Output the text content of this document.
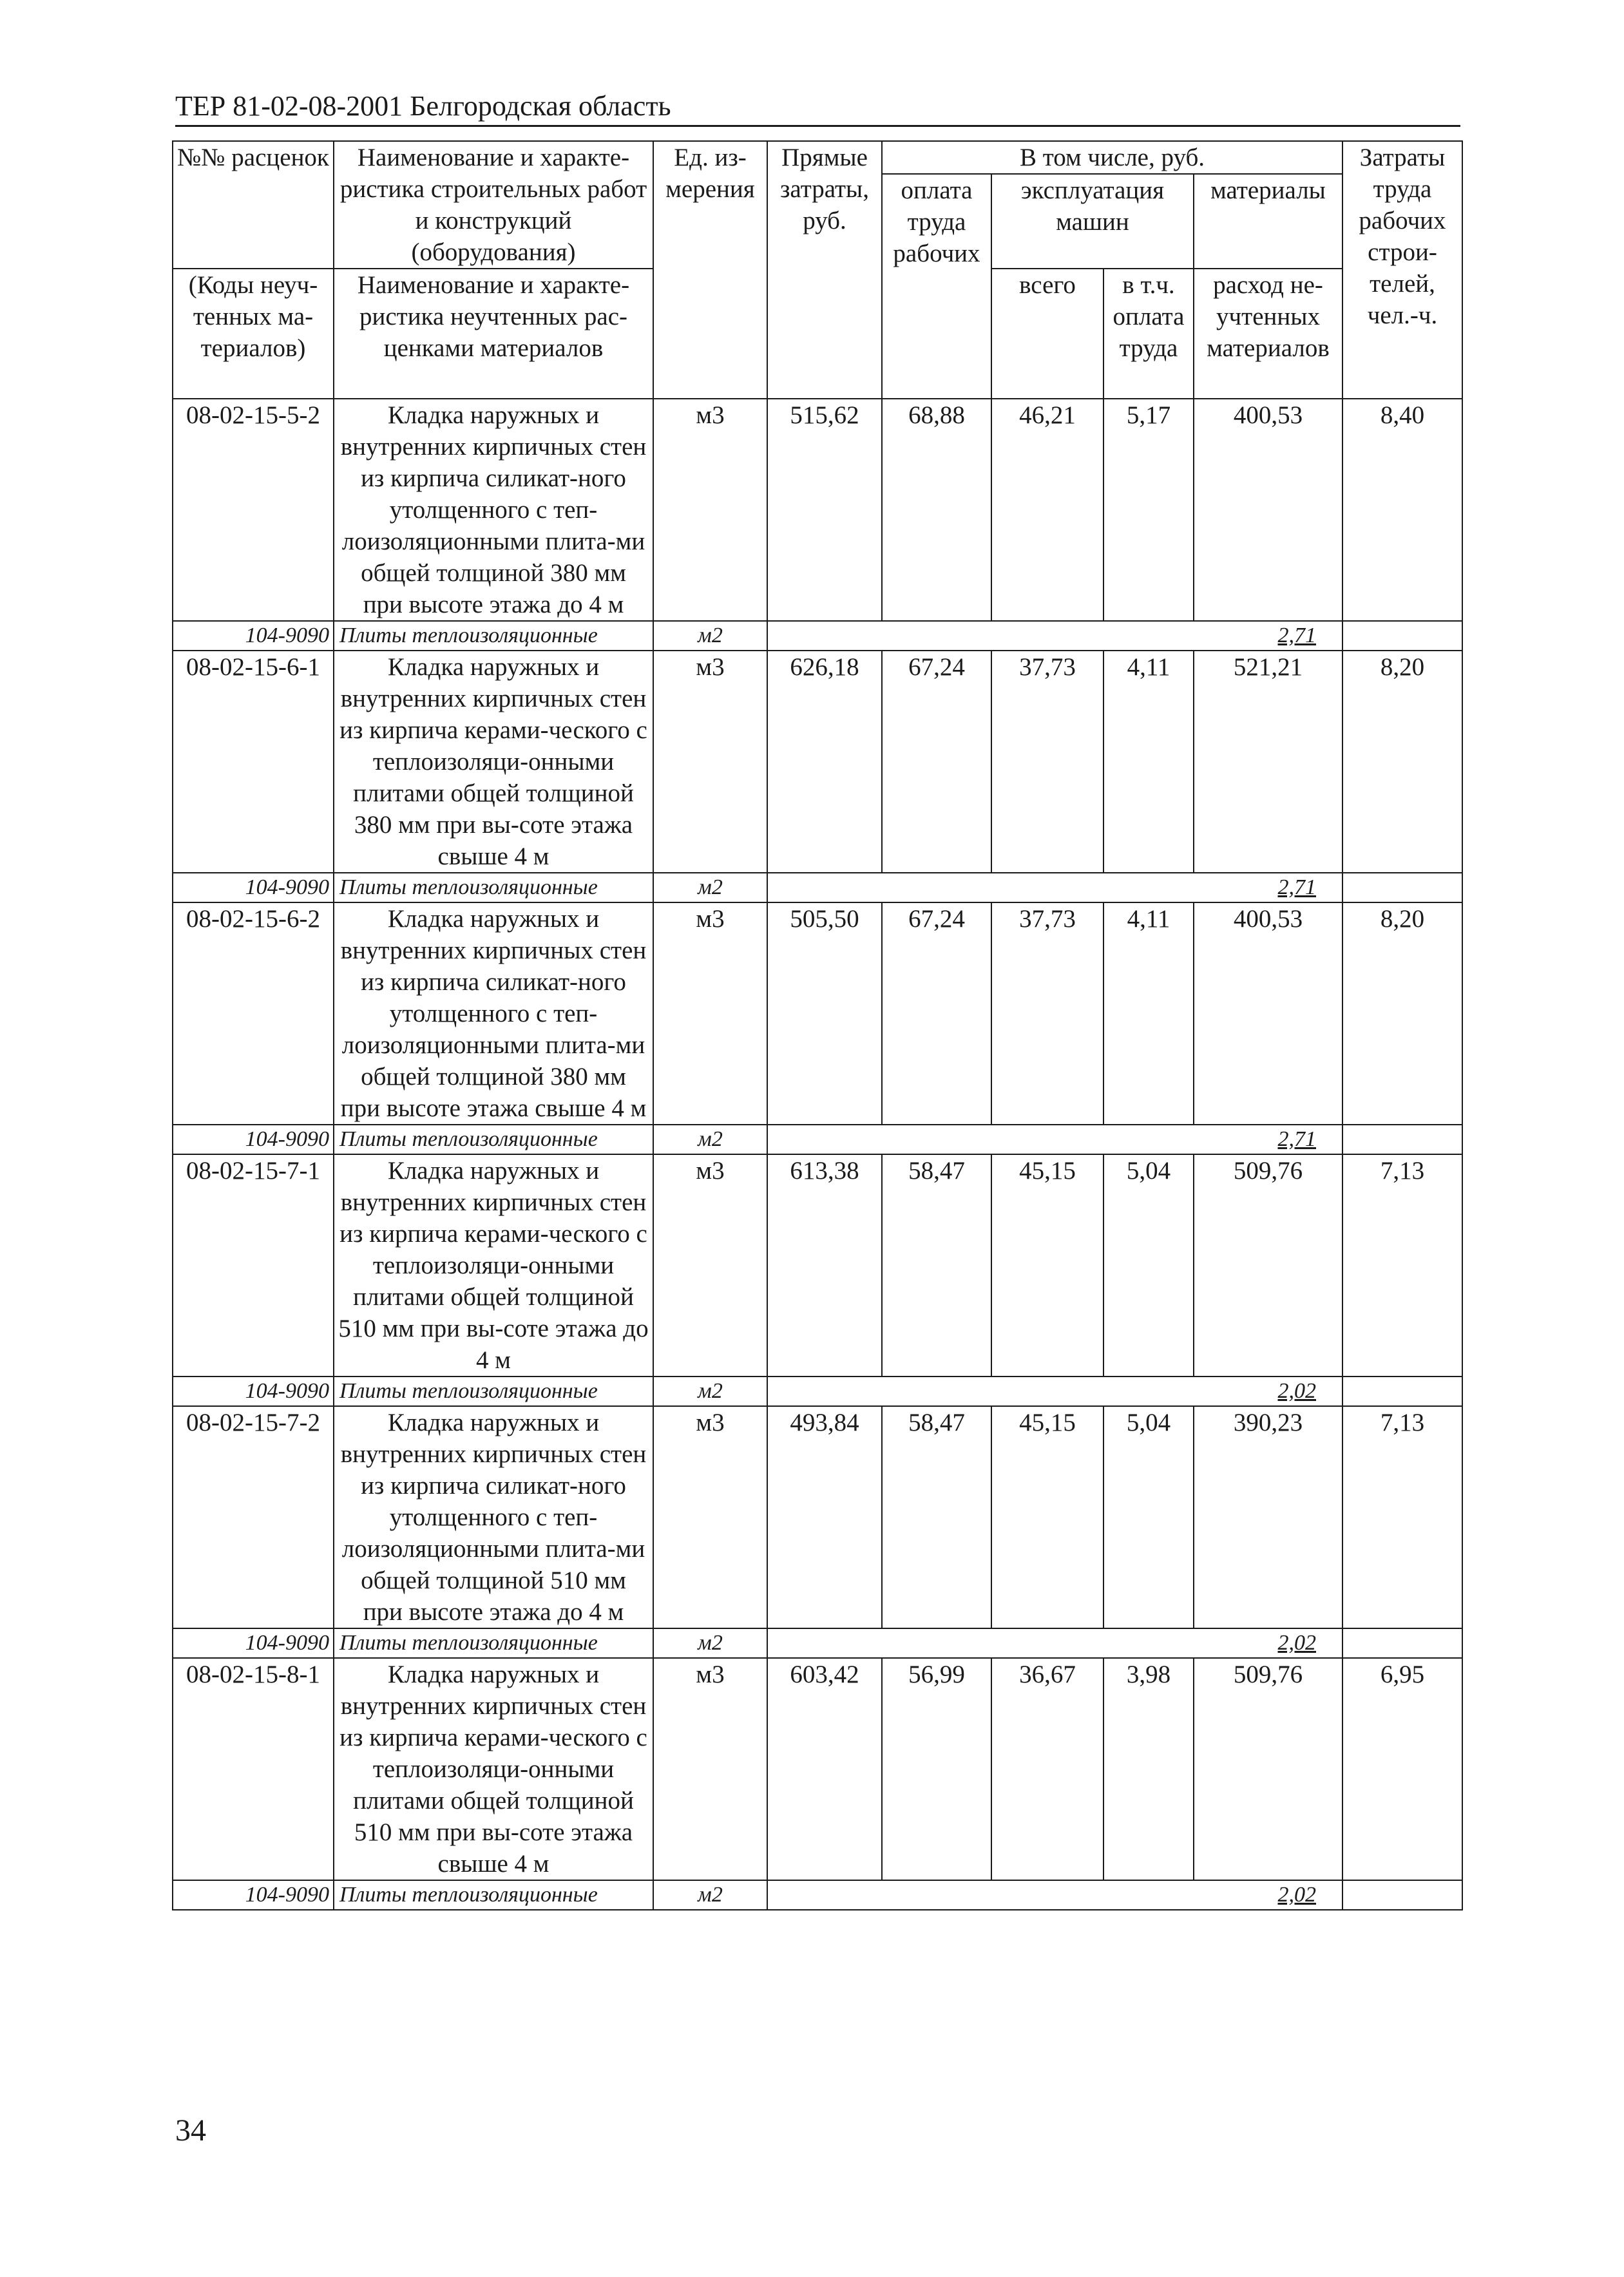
ТЕР 81-02-08-2001 Белгородская область
№№ расценок	Наименование и характе-ристика строительных работ и конструкций (оборудования)	Ед. из-мерения	Прямые затраты, руб.	В том числе, руб.				Затраты труда рабочих строи-телей, чел.-ч.
				оплата труда рабочих	эксплуатация машин		материалы	
(Коды неуч-тенных ма-териалов)	Наименование и характе-ристика неучтенных рас-ценками материалов				всего	в т.ч. оплата труда	расход не-учтенных материалов	
08-02-15-5-2	Кладка наружных и внутренних кирпичных стен из кирпича силикат-ного утолщенного с теп-лоизоляционными плита-ми общей толщиной 380 мм при высоте этажа до 4 м	м3	515,62	68,88	46,21	5,17	400,53	8,40
104-9090	Плиты теплоизоляционные	м2	2,71					
08-02-15-6-1	Кладка наружных и внутренних кирпичных стен из кирпича керами-ческого с теплоизоляци-онными плитами общей толщиной 380 мм при вы-соте этажа свыше 4 м	м3	626,18	67,24	37,73	4,11	521,21	8,20
104-9090	Плиты теплоизоляционные	м2	2,71					
08-02-15-6-2	Кладка наружных и внутренних кирпичных стен из кирпича силикат-ного утолщенного с теп-лоизоляционными плита-ми общей толщиной 380 мм при высоте этажа свыше 4 м	м3	505,50	67,24	37,73	4,11	400,53	8,20
104-9090	Плиты теплоизоляционные	м2	2,71					
08-02-15-7-1	Кладка наружных и внутренних кирпичных стен из кирпича керами-ческого с теплоизоляци-онными плитами общей толщиной 510 мм при вы-соте этажа до 4 м	м3	613,38	58,47	45,15	5,04	509,76	7,13
104-9090	Плиты теплоизоляционные	м2	2,02					
08-02-15-7-2	Кладка наружных и внутренних кирпичных стен из кирпича силикат-ного утолщенного с теп-лоизоляционными плита-ми общей толщиной 510 мм при высоте этажа до 4 м	м3	493,84	58,47	45,15	5,04	390,23	7,13
104-9090	Плиты теплоизоляционные	м2	2,02					
08-02-15-8-1	Кладка наружных и внутренних кирпичных стен из кирпича керами-ческого с теплоизоляци-онными плитами общей толщиной 510 мм при вы-соте этажа свыше 4 м	м3	603,42	56,99	36,67	3,98	509,76	6,95
104-9090	Плиты теплоизоляционные	м2	2,02					
34
